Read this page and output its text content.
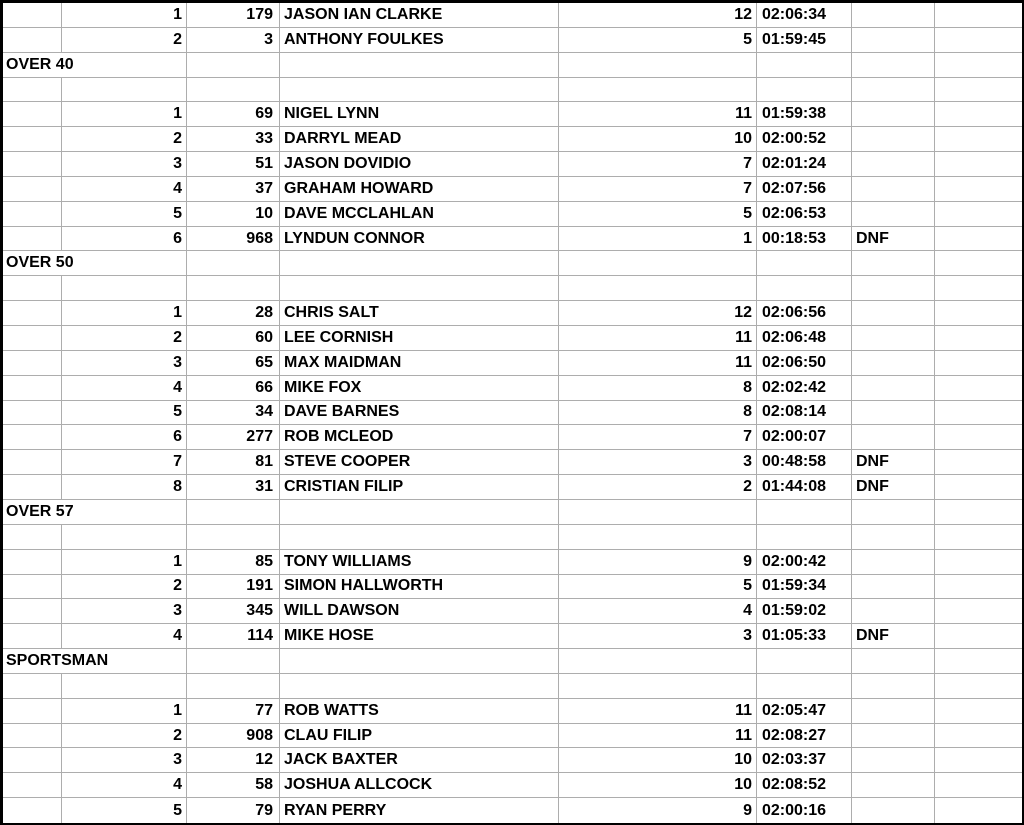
1	179 JASON IAN CLARKE	12 02:06:34
2	3 ANTHONY FOULKES	5 01:59:45
OVER 40
1	69 NIGEL LYNN	11 01:59:38
2	33 DARRYL MEAD	10 02:00:52
3	51 JASON DOVIDIO	7 02:01:24
4	37 GRAHAM HOWARD	7 02:07:56
5	10 DAVE MCCLAHLAN	5 02:06:53
6	968 LYNDUN CONNOR	1 00:18:53	DNF
OVER 50
1	28 CHRIS SALT	12 02:06:56
2	60 LEE CORNISH	11 02:06:48
3	65 MAX MAIDMAN	11 02:06:50
4	66 MIKE FOX	8 02:02:42
5	34 DAVE BARNES	8 02:08:14
6	277 ROB MCLEOD	7 02:00:07
7	81 STEVE COOPER	3 00:48:58	DNF
8	31 CRISTIAN FILIP	2 01:44:08	DNF
OVER 57
1	85 TONY WILLIAMS	9 02:00:42
2	191 SIMON HALLWORTH	5 01:59:34
3	345 WILL DAWSON	4 01:59:02
4	114 MIKE HOSE	3 01:05:33	DNF
SPORTSMAN
1	77 ROB WATTS	11 02:05:47
2	908 CLAU FILIP	11 02:08:27
3	12 JACK BAXTER	10 02:03:37
4	58 JOSHUA ALLCOCK	10 02:08:52
5	79 RYAN PERRY	9 02:00:16
